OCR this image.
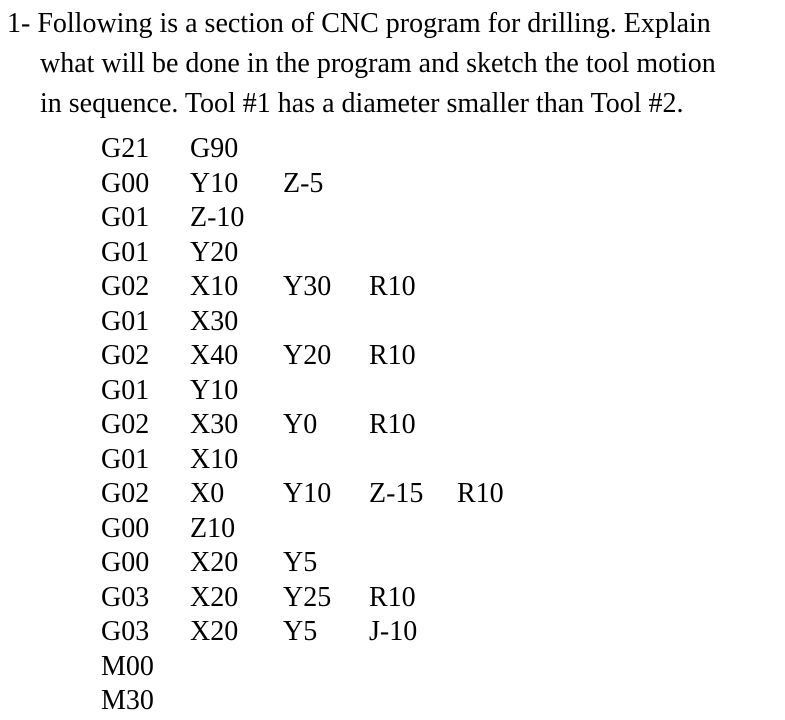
1- Following is a section of CNC program for drilling. Explain
what will be done in the program and sketch the tool motion
in sequence. Tool #1 has a diameter smaller than Tool #2.
G21 G90
G00 Y10 Z-5
G01 Z-10
G01 Y20
G02 X10 Y30 R10
G01 X30
G02 X40 Y20 R10
G01 Y10
G02 X30 Y0 R10
G01 X10
G02 X0 Y10 Z-15 R10
G00 Z10
G00 X20 Y5
G03 X20 Y25 R10
G03 X20 Y5 J-10
M00
M30
